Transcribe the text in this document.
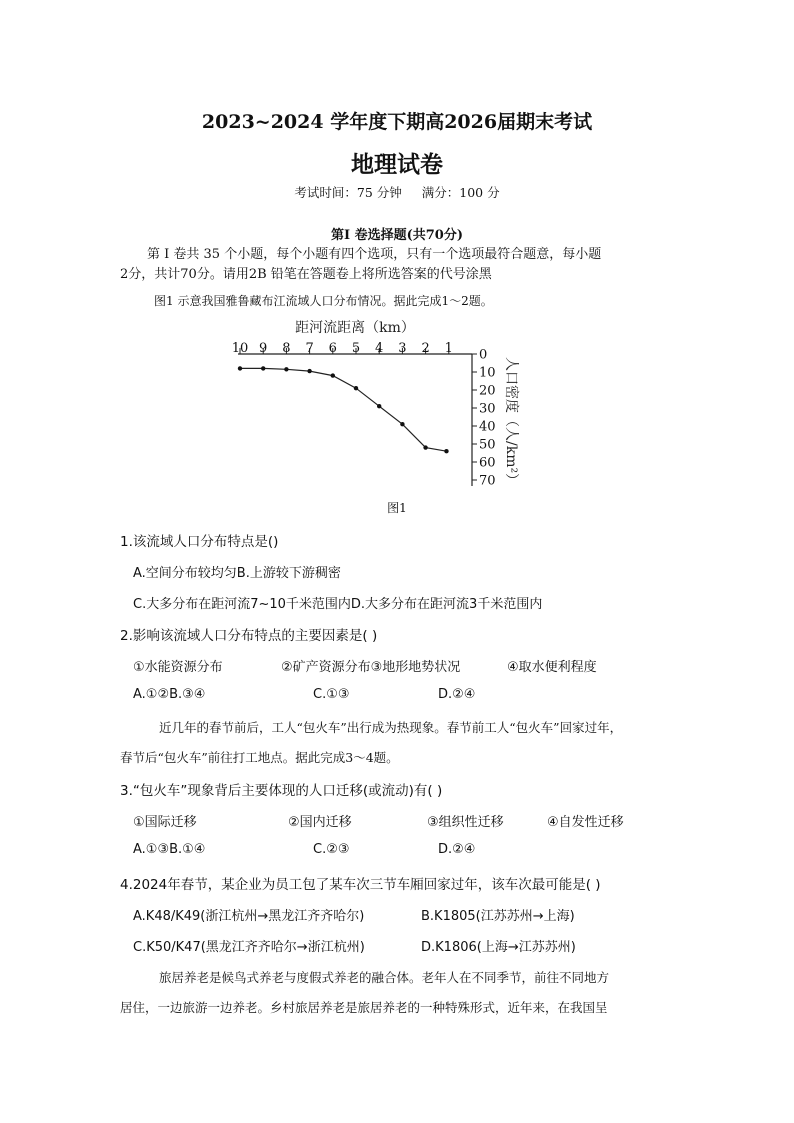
2023~2024 学年度下期高2026届期末考试
地理试卷
考试时间：75 分钟 满分：100 分
第I 卷选择题(共70分)
第 I 卷共 35 个小题，每个小题有四个选项，只有一个选项最符合题意，每小题
2分，共计70分。请用2B 铅笔在答题卷上将所选答案的代号涂黑
图1 示意我国雅鲁藏布江流域人口分布情况。据此完成1～2题。
距河流距离（km）
10 9 8 7 6 5 4 3 2 1 0
10
20
30
40
50
60
70 人口密度（人/km²）
图1
1.该流域人口分布特点是()
A.空间分布较均匀B.上游较下游稠密
C.大多分布在距河流7~10千米范围内D.大多分布在距河流3千米范围内
2.影响该流域人口分布特点的主要因素是( )
①水能资源分布	②矿产资源分布③地形地势状况	④取水便利程度
A.①②B.③④	C.①③	D.②④
近几年的春节前后，工人“包火车”出行成为热现象。春节前工人“包火车”回家过年，
春节后“包火车”前往打工地点。据此完成3～4题。
3.“包火车”现象背后主要体现的人口迁移(或流动)有( )
①国际迁移	②国内迁移	③组织性迁移	④自发性迁移
A.①③B.①④	C.②③	D.②④
4.2024年春节，某企业为员工包了某车次三节车厢回家过年，该车次最可能是( )
A.K48/K49(浙江杭州→黑龙江齐齐哈尔)	B.K1805(江苏苏州→上海)
C.K50/K47(黑龙江齐齐哈尔→浙江杭州)	D.K1806(上海→江苏苏州)
旅居养老是候鸟式养老与度假式养老的融合体。老年人在不同季节，前往不同地方
居住，一边旅游一边养老。乡村旅居养老是旅居养老的一种特殊形式，近年来，在我国呈
